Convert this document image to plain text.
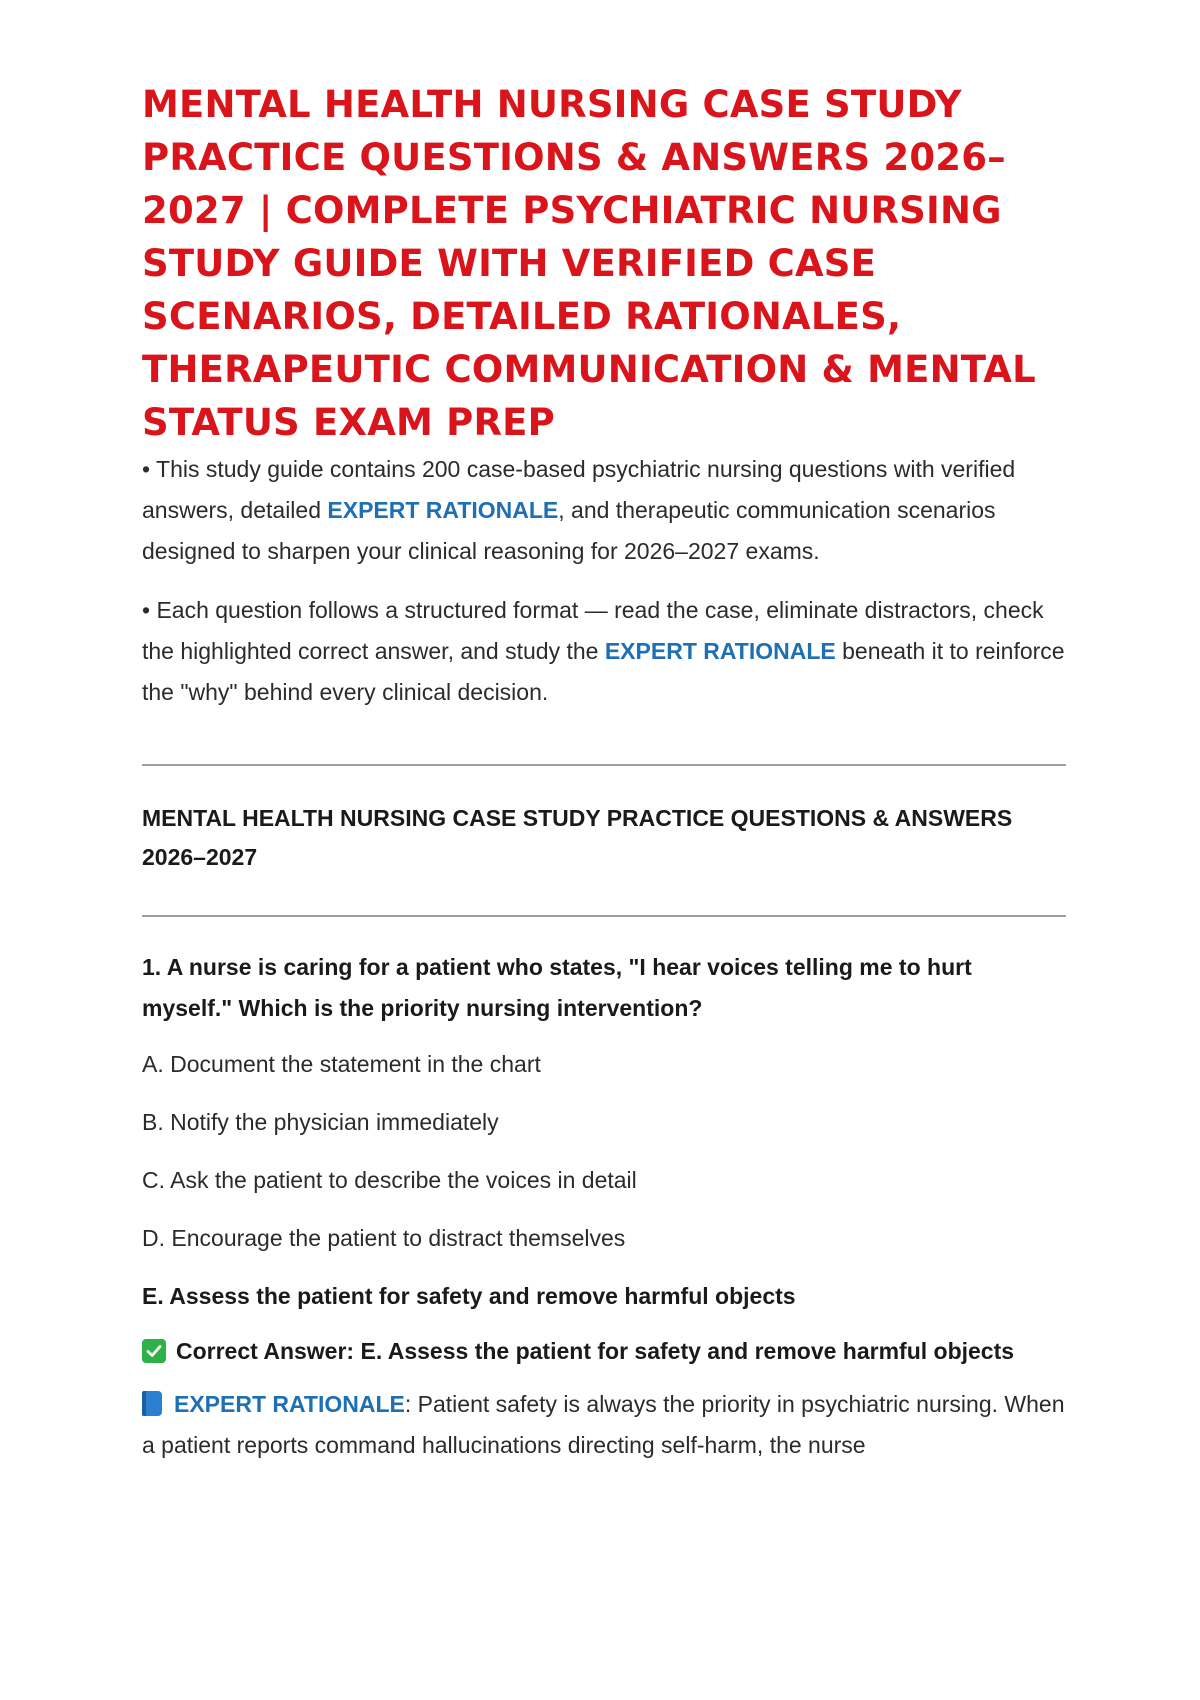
MENTAL HEALTH NURSING CASE STUDY PRACTICE QUESTIONS & ANSWERS 2026–2027 | COMPLETE PSYCHIATRIC NURSING STUDY GUIDE WITH VERIFIED CASE SCENARIOS, DETAILED RATIONALES, THERAPEUTIC COMMUNICATION & MENTAL STATUS EXAM PREP

• This study guide contains 200 case-based psychiatric nursing questions with verified answers, detailed EXPERT RATIONALE, and therapeutic communication scenarios designed to sharpen your clinical reasoning for 2026–2027 exams.

• Each question follows a structured format — read the case, eliminate distractors, check the highlighted correct answer, and study the EXPERT RATIONALE beneath it to reinforce the "why" behind every clinical decision.

MENTAL HEALTH NURSING CASE STUDY PRACTICE QUESTIONS & ANSWERS 2026–2027

1. A nurse is caring for a patient who states, "I hear voices telling me to hurt myself." Which is the priority nursing intervention?

A. Document the statement in the chart

B. Notify the physician immediately

C. Ask the patient to describe the voices in detail

D. Encourage the patient to distract themselves

E. Assess the patient for safety and remove harmful objects

Correct Answer: E. Assess the patient for safety and remove harmful objects

EXPERT RATIONALE: Patient safety is always the priority in psychiatric nursing. When a patient reports command hallucinations directing self-harm, the nurse
